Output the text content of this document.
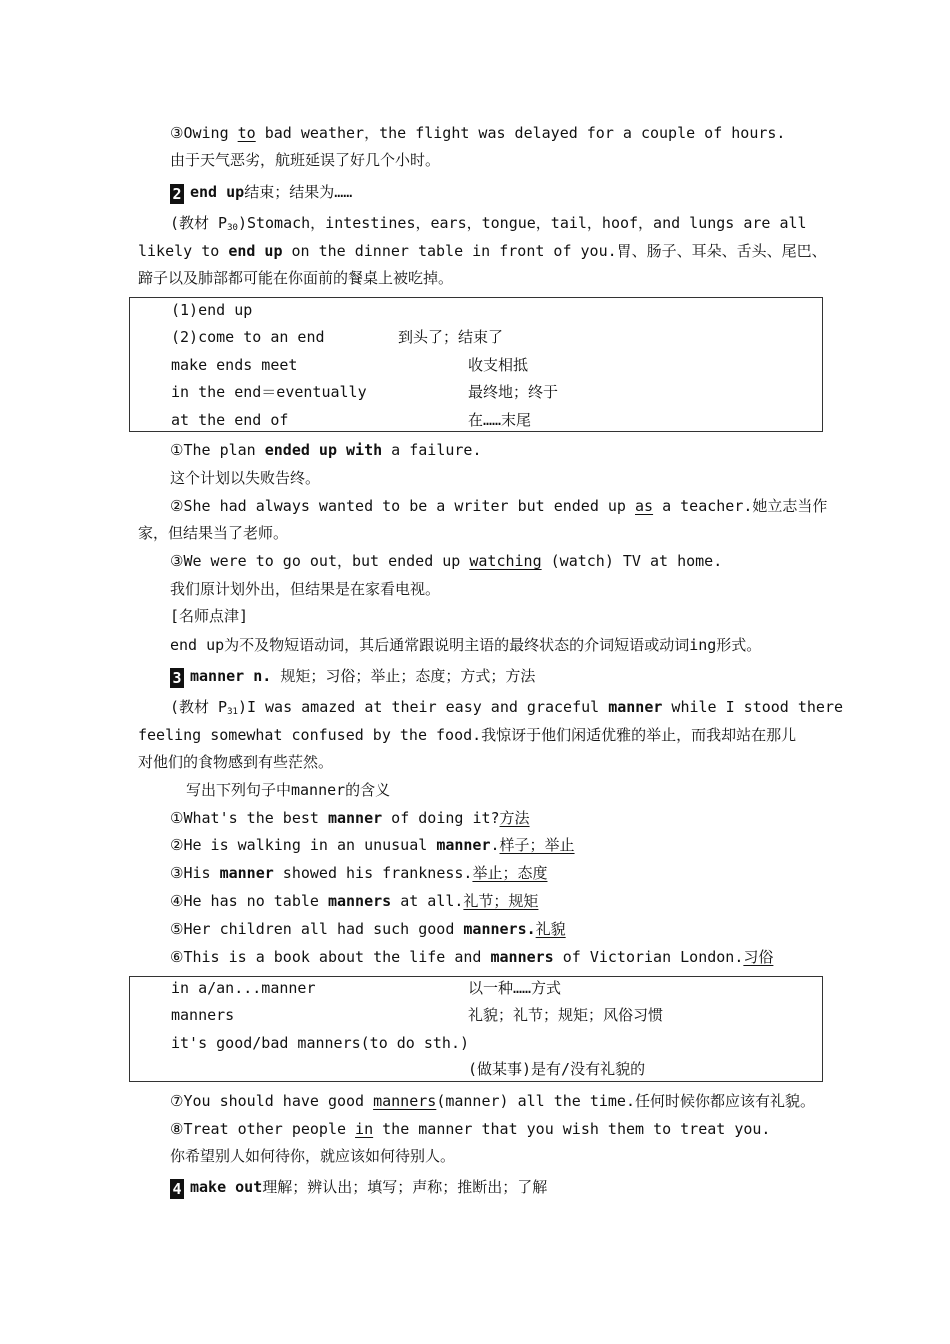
③Owing to bad weather，the flight was delayed for a couple of hours.
由于天气恶劣，航班延误了好几个小时。
2 end up结束；结果为……
(教材 $P_{30})Stomach$，intestines，ears，tongue，tail，hoof，and lungs are all
likely to end up on the dinner table in front of you.胃、肠子、耳朵、舌头、尾巴、
蹄子以及肺部都可能在你面前的餐桌上被吃掉。
(1)end up
(2)come to an end	到头了；结束了
make ends meet	收支相抵
in the end＝eventually	最终地；终于
at the end of	在……末尾
①The plan ended up with a failure.
这个计划以失败告终。
②She had always wanted to be a writer but ended up as a teacher.她立志当作
家，但结果当了老师。
③We were to go out，but ended up watching (watch) TV at home.
我们原计划外出，但结果是在家看电视。
[名师点津]
end up为不及物短语动词，其后通常跟说明主语的最终状态的介词短语或动词ing形式。
3 manner n. 规矩；习俗；举止；态度；方式；方法
(教材 $P_{31})I$ was amazed at their easy and graceful manner while I stood there
feeling somewhat confused by the food.我惊讶于他们闲适优雅的举止，而我却站在那儿
对他们的食物感到有些茫然。
写出下列句子中manner的含义
①What's the best manner of doing it?方法
②He is walking in an unusual manner.样子；举止
③His manner showed his frankness.举止；态度
④He has no table manners at all.礼节；规矩
⑤Her children all had such good manners.礼貌
⑥This is a book about the life and manners of Victorian London.习俗
in a/an...manner	以一种……方式
manners	礼貌；礼节；规矩；风俗习惯
it's good/bad manners(to do sth.)
(做某事)是有/没有礼貌的
⑦You should have good manners(manner) all the time.任何时候你都应该有礼貌。
⑧Treat other people in the manner that you wish them to treat you.
你希望别人如何待你，就应该如何待别人。
4 make out理解；辨认出；填写；声称；推断出；了解
